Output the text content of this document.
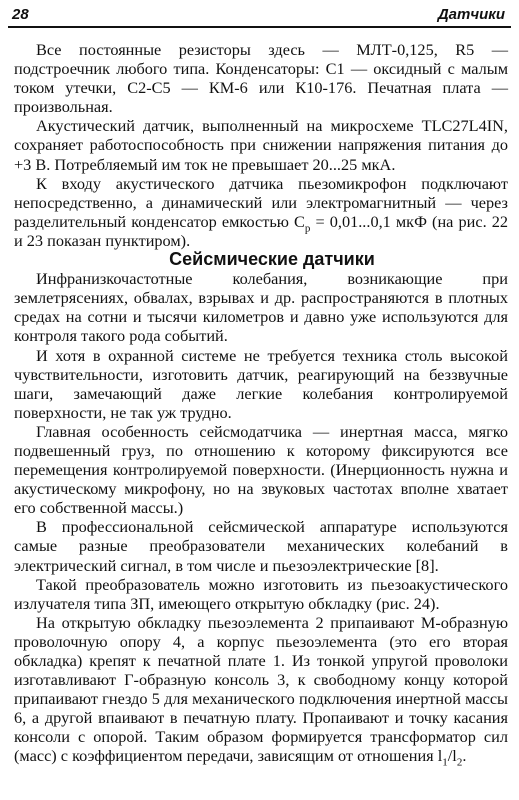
28	Датчики

Все постоянные резисторы здесь — МЛТ-0,125, R5 — подстроечник любого типа. Конденсаторы: С1 — оксидный с малым током утечки, С2-С5 — КМ-6 или К10-176. Печатная плата — произвольная.

Акустический датчик, выполненный на микросхеме TLC27L4IN, сохраняет работоспособность при снижении напряжения питания до +3 В. Потребляемый им ток не превышает 20...25 мкА.

К входу акустического датчика пьезомикрофон подключают непосредственно, а динамический или электромагнитный — через разделительный конденсатор емкостью $С_р = 0,01...0,1$ мкФ (на рис. 22 и 23 показан пунктиром).

Сейсмические датчики

Инфранизкочастотные колебания, возникающие при землетрясениях, обвалах, взрывах и др. распространяются в плотных средах на сотни и тысячи километров и давно уже используются для контроля такого рода событий.

И хотя в охранной системе не требуется техника столь высокой чувствительности, изготовить датчик, реагирующий на беззвучные шаги, замечающий даже легкие колебания контролируемой поверхности, не так уж трудно.

Главная особенность сейсмодатчика — инертная масса, мягко подвешенный груз, по отношению к которому фиксируются все перемещения контролируемой поверхности. (Инерционность нужна и акустическому микрофону, но на звуковых частотах вполне хватает его собственной массы.)

В профессиональной сейсмической аппаратуре используются самые разные преобразователи механических колебаний в электрический сигнал, в том числе и пьезоэлектрические [8].

Такой преобразователь можно изготовить из пьезоакустического излучателя типа ЗП, имеющего открытую обкладку (рис. 24).

На открытую обкладку пьезоэлемента 2 припаивают М-образную проволочную опору 4, а корпус пьезоэлемента (это его вторая обкладка) крепят к печатной плате 1. Из тонкой упругой проволоки изготавливают Г-образную консоль 3, к свободному концу которой припаивают гнездо 5 для механического подключения инертной массы 6, а другой впаивают в печатную плату. Пропаивают и точку касания консоли с опорой. Таким образом формируется трансформатор сил (масс) с коэффициентом передачи, зависящим от отношения $l_1/l_2$.
